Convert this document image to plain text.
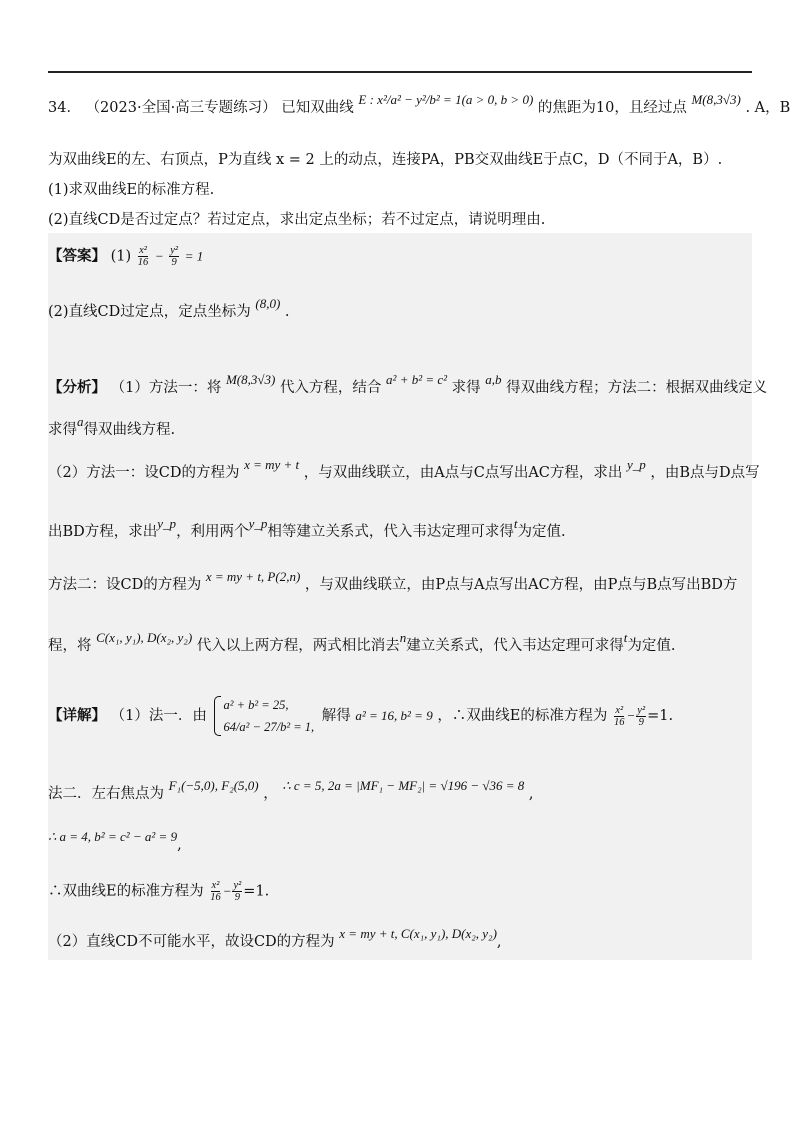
34． （2023·全国·高三专题练习） 已知双曲线 E : x²/a² − y²/b² = 1(a > 0, b > 0) 的焦距为10，且经过点 M(8,3√3) . A，B
为双曲线E的左、右顶点，P为直线 x = 2 上的动点，连接PA，PB交双曲线E于点C，D（不同于A，B）.
(1)求双曲线E的标准方程.
(2)直线CD是否过定点？若过定点，求出定点坐标；若不过定点，请说明理由.
【答案】 $(1) \frac{\text{x²}}{16} - \frac{\text{y²}}{9} = 1$
(2)直线CD过定点，定点坐标为 (8,0) .
【分析】 （1）方法一：将 M(8,3√3) 代入方程，结合 a² + b² = c² 求得 a,b 得双曲线方程；方法二：根据双曲线定义
求得a得双曲线方程.
（2）方法一：设CD的方程为 x = my + t ，与双曲线联立，由A点与C点写出AC方程，求出 y_p ，由B点与D点写
出BD方程，求出y_p，利用两个y_p相等建立关系式，代入韦达定理可求得t为定值.
方法二：设CD的方程为 x = my + t, P(2,n) ，与双曲线联立，由P点与A点写出AC方程，由P点与B点写出BD方
程，将 C(x₁, y₁), D(x₂, y₂) 代入以上两方程，两式相比消去n建立关系式，代入韦达定理可求得t为定值.
【详解】 （1）法一．由
a² + b² = 25,
64/a² − 27/b² = 1,
解得 a² = 16, b² = 9 ，∴双曲线E的标准方程为 $\frac{\text{x²}}{16} - \frac{\text{y²}}{9} =1$.
法二．左右焦点为 F₁(−5,0), F₂(5,0) ， ∴ c = 5, 2a = |MF₁ − MF₂| = √196 − √36 = 8 ,
∴ a = 4, b² = c² − a² = 9,
∴双曲线E的标准方程为 $\frac{\text{x²}}{16} - \frac{\text{y²}}{9} =1$.
（2）直线CD不可能水平，故设CD的方程为 x = my + t, C(x₁, y₁), D(x₂, y₂),
